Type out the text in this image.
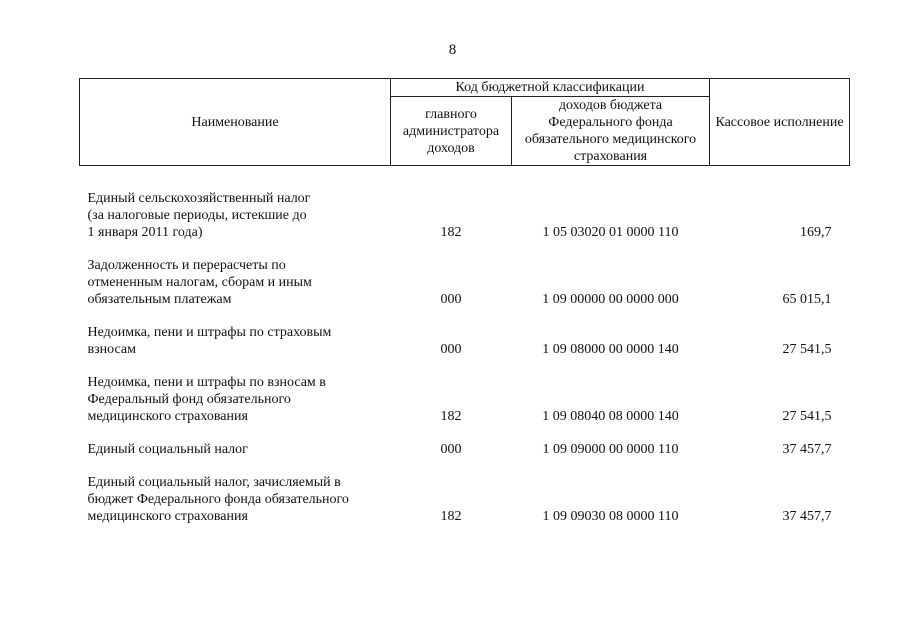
8
Наименование	Код бюджетной классификации		Кассовое исполнение
	главного администратора доходов	доходов бюджета Федерального фонда обязательного медицинского страхования	

Единый сельскохозяйственный налог
(за налоговые периоды, истекшие до
1 января 2011 года)	182	1 05 03020 01 0000 110	169,7

Задолженность и перерасчеты по
отмененным налогам, сборам и иным
обязательным платежам	000	1 09 00000 00 0000 000	65 015,1

Недоимка, пени и штрафы по страховым
взносам	000	1 09 08000 00 0000 140	27 541,5

Недоимка, пени и штрафы по взносам в
Федеральный фонд обязательного
медицинского страхования	182	1 09 08040 08 0000 140	27 541,5

Единый социальный налог	000	1 09 09000 00 0000 110	37 457,7

Единый социальный налог, зачисляемый в
бюджет Федерального фонда обязательного
медицинского страхования	182	1 09 09030 08 0000 110	37 457,7
